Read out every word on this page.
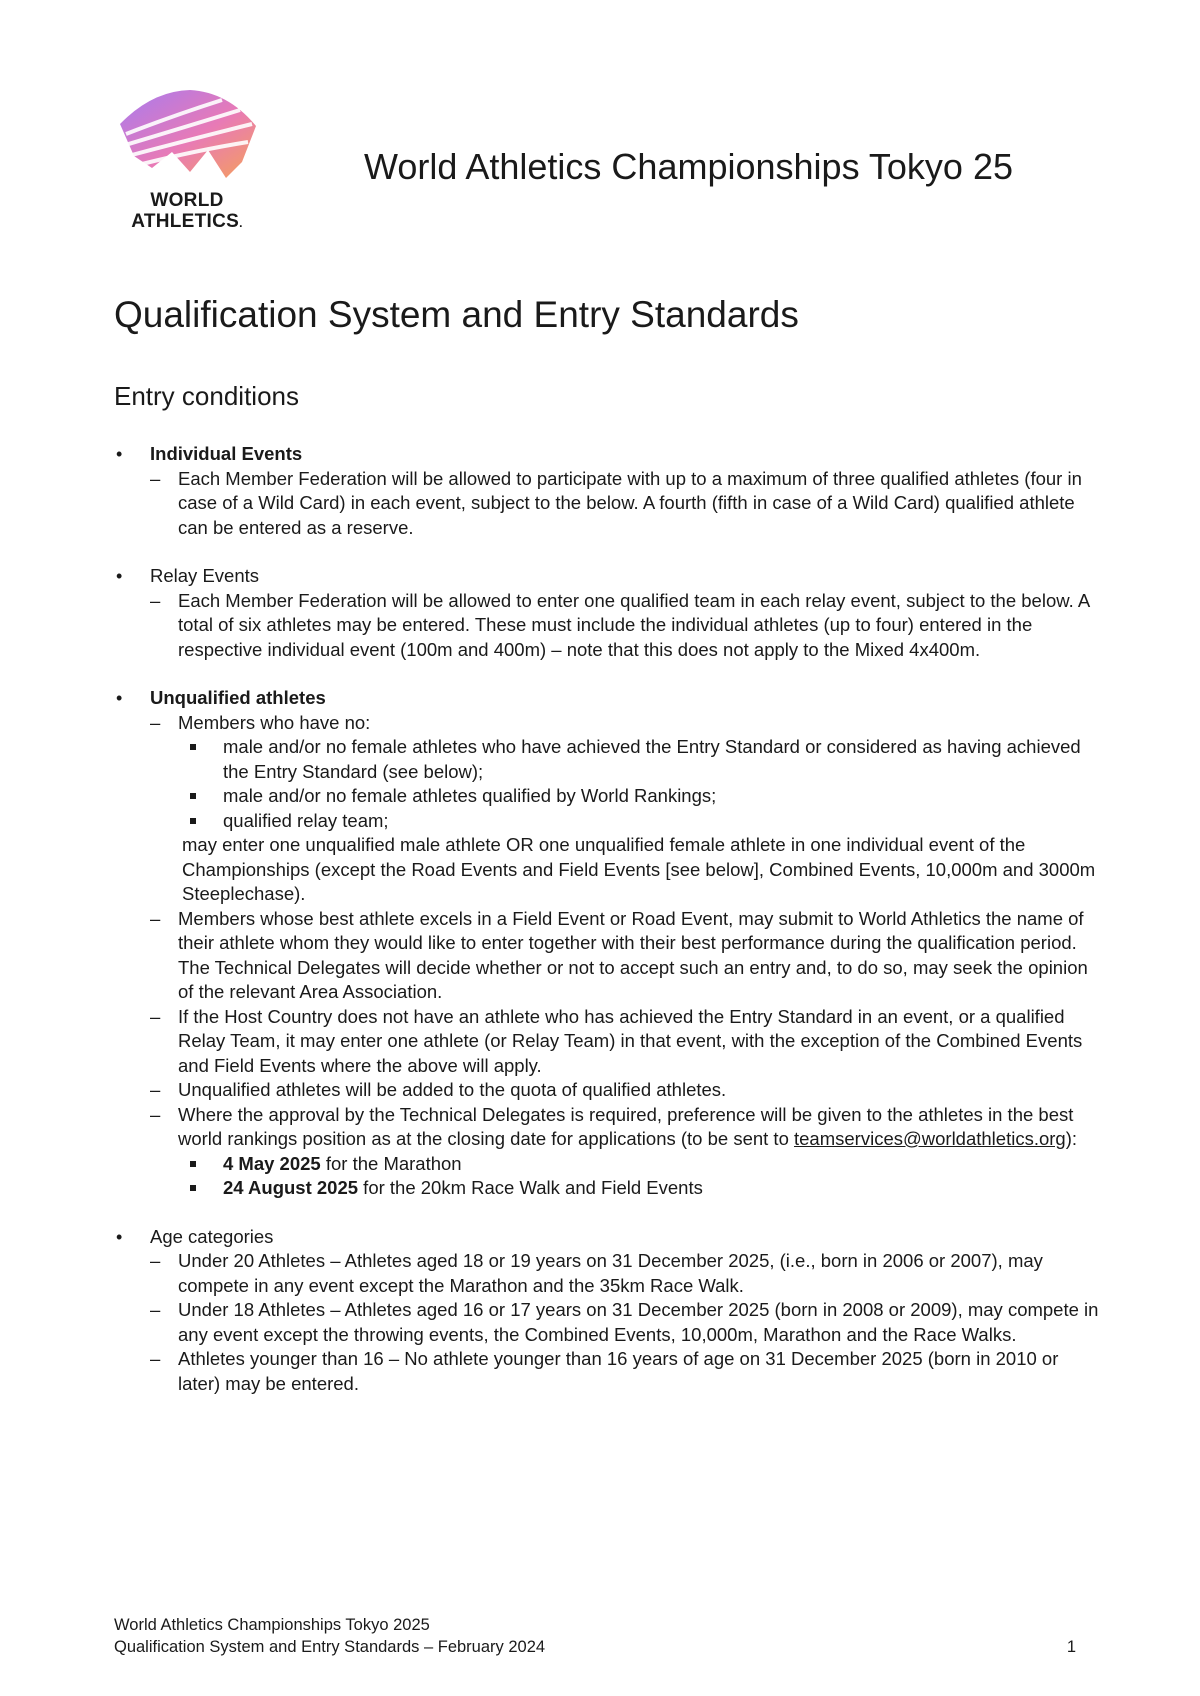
WORLD
ATHLETICS.
World Athletics Championships Tokyo 25
Qualification System and Entry Standards
Entry conditions
• Individual Events
– Each Member Federation will be allowed to participate with up to a maximum of three qualified athletes (four in case of a Wild Card) in each event, subject to the below. A fourth (fifth in case of a Wild Card) qualified athlete can be entered as a reserve.
• Relay Events
– Each Member Federation will be allowed to enter one qualified team in each relay event, subject to the below. A total of six athletes may be entered. These must include the individual athletes (up to four) entered in the respective individual event (100m and 400m) – note that this does not apply to the Mixed 4x400m.
• Unqualified athletes
– Members who have no:
male and/or no female athletes who have achieved the Entry Standard or considered as having achieved the Entry Standard (see below);
male and/or no female athletes qualified by World Rankings;
qualified relay team;
may enter one unqualified male athlete OR one unqualified female athlete in one individual event of the Championships (except the Road Events and Field Events [see below], Combined Events, 10,000m and 3000m Steeplechase).
– Members whose best athlete excels in a Field Event or Road Event, may submit to World Athletics the name of their athlete whom they would like to enter together with their best performance during the qualification period. The Technical Delegates will decide whether or not to accept such an entry and, to do so, may seek the opinion of the relevant Area Association.
– If the Host Country does not have an athlete who has achieved the Entry Standard in an event, or a qualified Relay Team, it may enter one athlete (or Relay Team) in that event, with the exception of the Combined Events and Field Events where the above will apply.
– Unqualified athletes will be added to the quota of qualified athletes.
– Where the approval by the Technical Delegates is required, preference will be given to the athletes in the best world rankings position as at the closing date for applications (to be sent to teamservices@worldathletics.org):
4 May 2025 for the Marathon
24 August 2025 for the 20km Race Walk and Field Events
• Age categories
– Under 20 Athletes – Athletes aged 18 or 19 years on 31 December 2025, (i.e., born in 2006 or 2007), may compete in any event except the Marathon and the 35km Race Walk.
– Under 18 Athletes – Athletes aged 16 or 17 years on 31 December 2025 (born in 2008 or 2009), may compete in any event except the throwing events, the Combined Events, 10,000m, Marathon and the Race Walks.
– Athletes younger than 16 – No athlete younger than 16 years of age on 31 December 2025 (born in 2010 or later) may be entered.
World Athletics Championships Tokyo 2025
Qualification System and Entry Standards – February 2024	1
